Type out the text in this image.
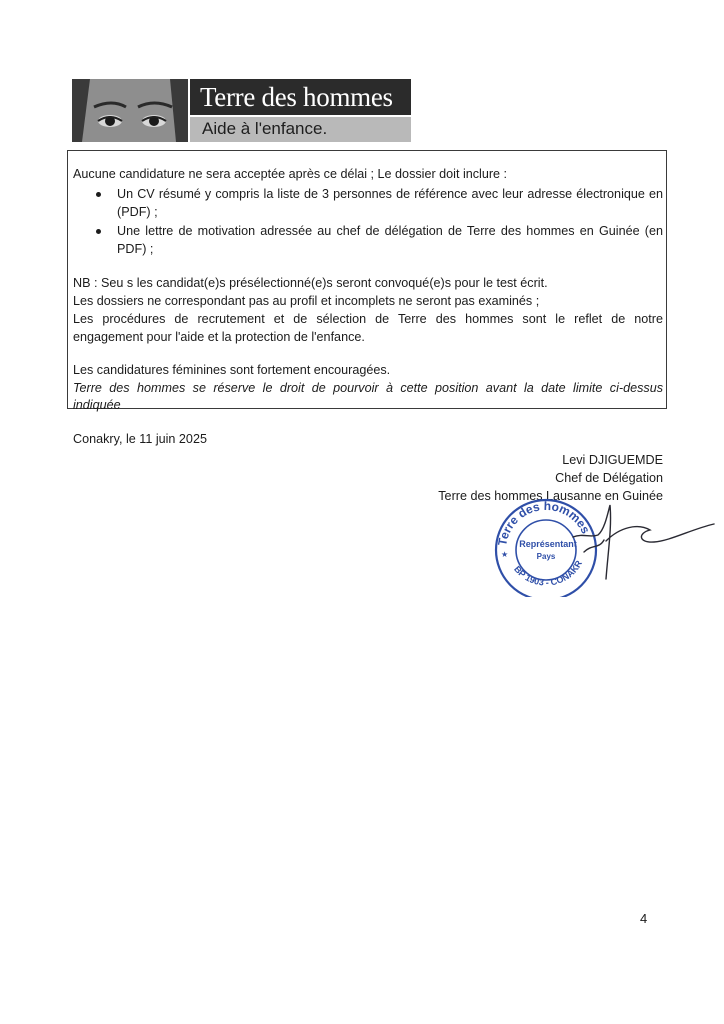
Terre des hommes
Aide à l'enfance.
Aucune candidature ne sera acceptée après ce délai ; Le dossier doit inclure :
Un CV résumé y compris la liste de 3 personnes de référence avec leur adresse électronique en
(PDF) ;
Une lettre de motivation adressée au chef de délégation de Terre des hommes en Guinée (en
PDF) ;
NB : Seu s les candidat(e)s présélectionné(e)s seront convoqué(e)s pour le test écrit.
Les dossiers ne correspondant pas au profil et incomplets ne seront pas examinés ;
Les procédures de recrutement et de sélection de Terre des hommes sont le reflet de notre
engagement pour l'aide et la protection de l'enfance.
Les candidatures féminines sont fortement encouragées.
Terre des hommes se réserve le droit de pourvoir à cette position avant la date limite ci-dessus
indiquée
Conakry, le 11 juin 2025
Levi DJIGUEMDE
Chef de Délégation
Terre des hommes Lausanne en Guinée
Terre des hommes
BP 1903 - CONAKR
Représentant
Pays
★
4
